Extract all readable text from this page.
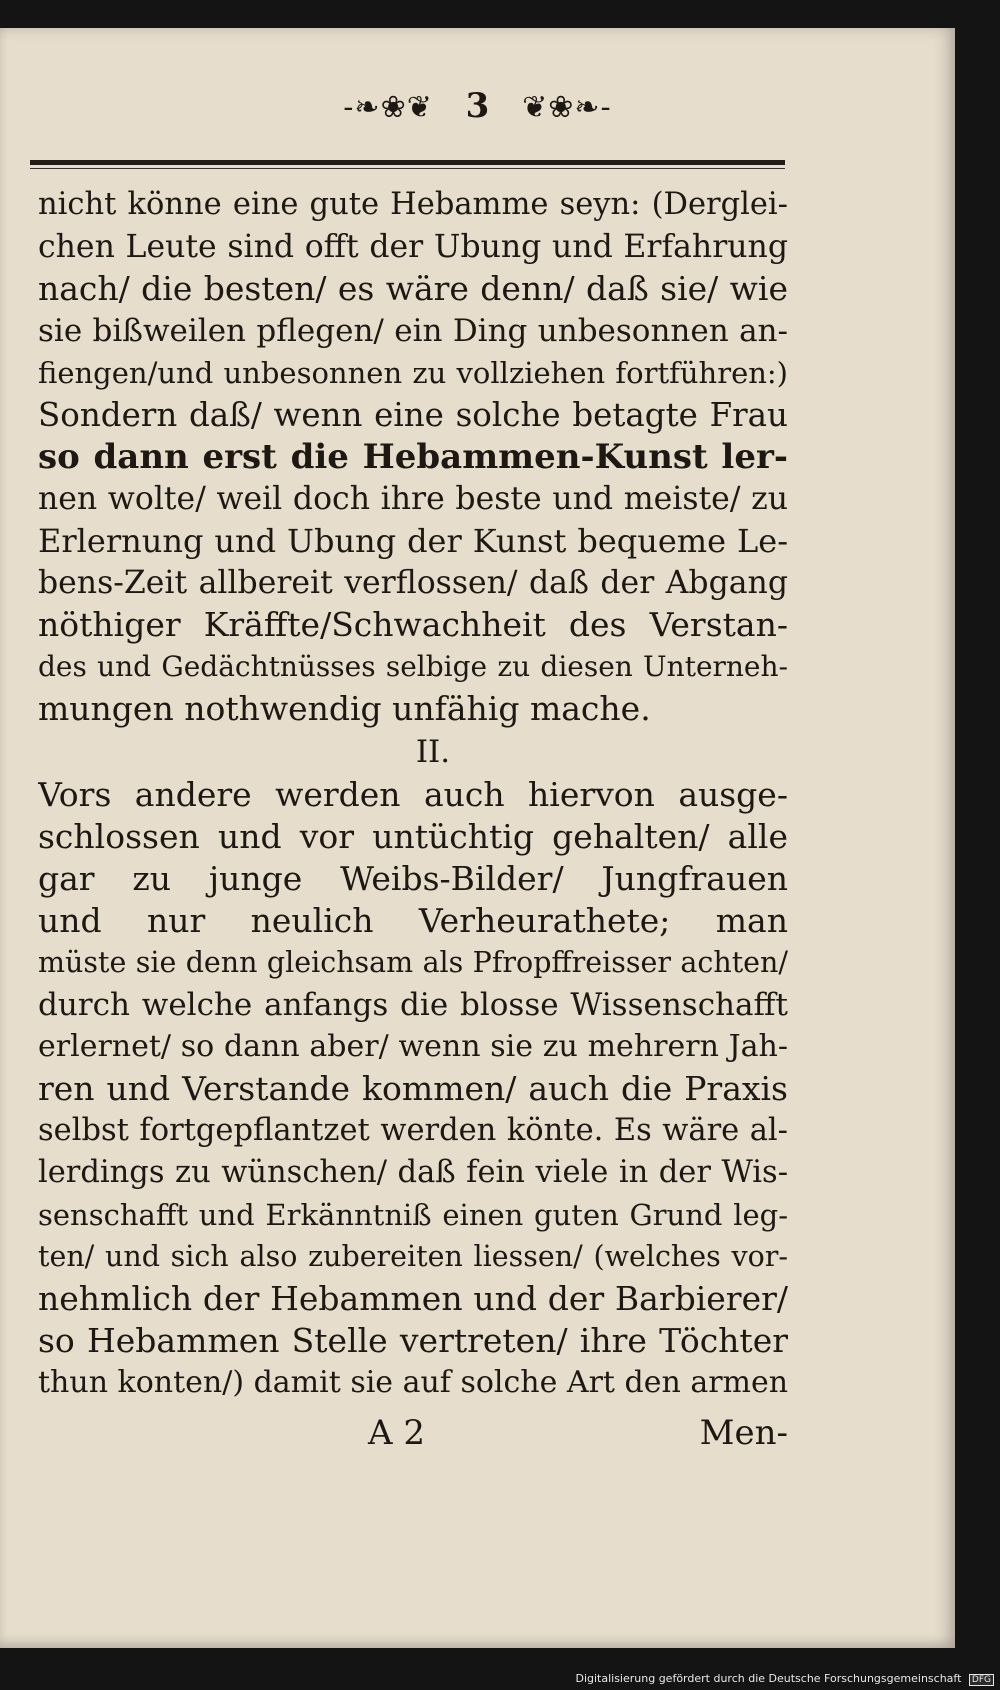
-❧❀❦ 3 ❦❀❧-

nicht könne eine gute Hebamme seyn: (Derglei-

chen Leute sind offt der Ubung und Erfahrung

nach/ die besten/ es wäre denn/ daß sie/ wie

sie bißweilen pflegen/ ein Ding unbesonnen an-

fiengen/und unbesonnen zu vollziehen fortführen:)

Sondern daß/ wenn eine solche betagte Frau

so dann erst die Hebammen-Kunst ler-

nen wolte/ weil doch ihre beste und meiste/ zu

Erlernung und Ubung der Kunst bequeme Le-

bens-Zeit allbereit verflossen/ daß der Abgang

nöthiger Kräffte/Schwachheit des Verstan-

des und Gedächtnüsses selbige zu diesen Unterneh-

mungen nothwendig unfähig mache.

II.

Vors andere werden auch hiervon ausge-

schlossen und vor untüchtig gehalten/ alle

gar zu junge Weibs-Bilder/ Jungfrauen

und nur neulich Verheurathete; man

müste sie denn gleichsam als Pfropffreisser achten/

durch welche anfangs die blosse Wissenschafft

erlernet/ so dann aber/ wenn sie zu mehrern Jah-

ren und Verstande kommen/ auch die Praxis

selbst fortgepflantzet werden könte. Es wäre al-

lerdings zu wünschen/ daß fein viele in der Wis-

senschafft und Erkänntniß einen guten Grund leg-

ten/ und sich also zubereiten liessen/ (welches vor-

nehmlich der Hebammen und der Barbierer/

so Hebammen Stelle vertreten/ ihre Töchter

thun konten/) damit sie auf solche Art den armen

A 2	Men-
Digitalisierung gefördert durch die Deutsche Forschungsgemeinschaft DFG
